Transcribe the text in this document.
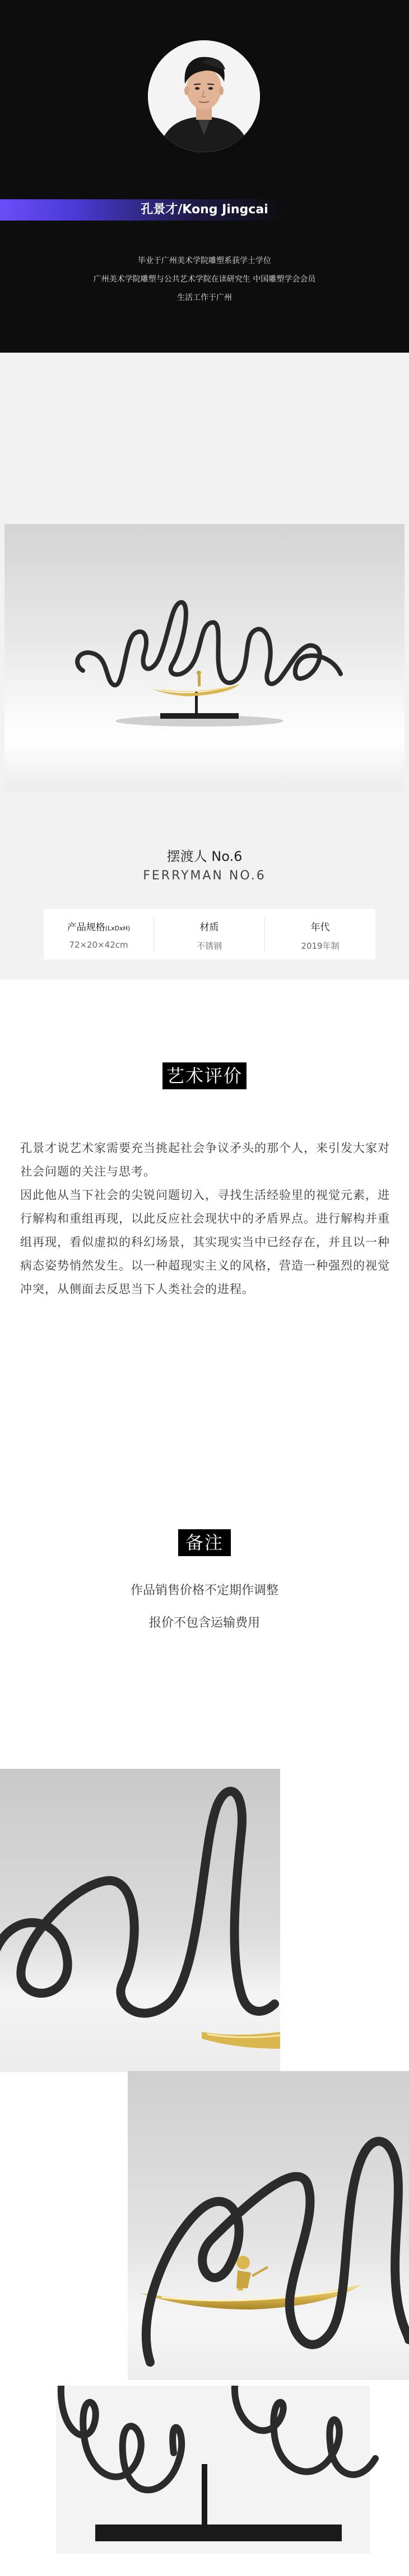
孔景才/Kong Jingcai
毕业于广州美术学院雕塑系获学士学位
广州美术学院雕塑与公共艺术学院在读研究生 中国雕塑学会会员
生活工作于广州
摆渡人 No.6
FERRYMAN NO.6
产品规格(LxDxH)
72×20×42cm
材质
不锈钢
年代
2019年制
艺术评价

孔景才说艺术家需要充当挑起社会争议矛头的那个人，来引发大家对社会问题的关注与思考。

因此他从当下社会的尖锐问题切入，寻找生活经验里的视觉元素，进行解构和重组再现，以此反应社会现状中的矛盾界点。进行解构并重组再现，看似虚拟的科幻场景，其实现实当中已经存在，并且以一种病态姿势悄然发生。以一种超现实主义的风格，营造一种强烈的视觉冲突，从侧面去反思当下人类社会的进程。

备注
作品销售价格不定期作调整
报价不包含运输费用
